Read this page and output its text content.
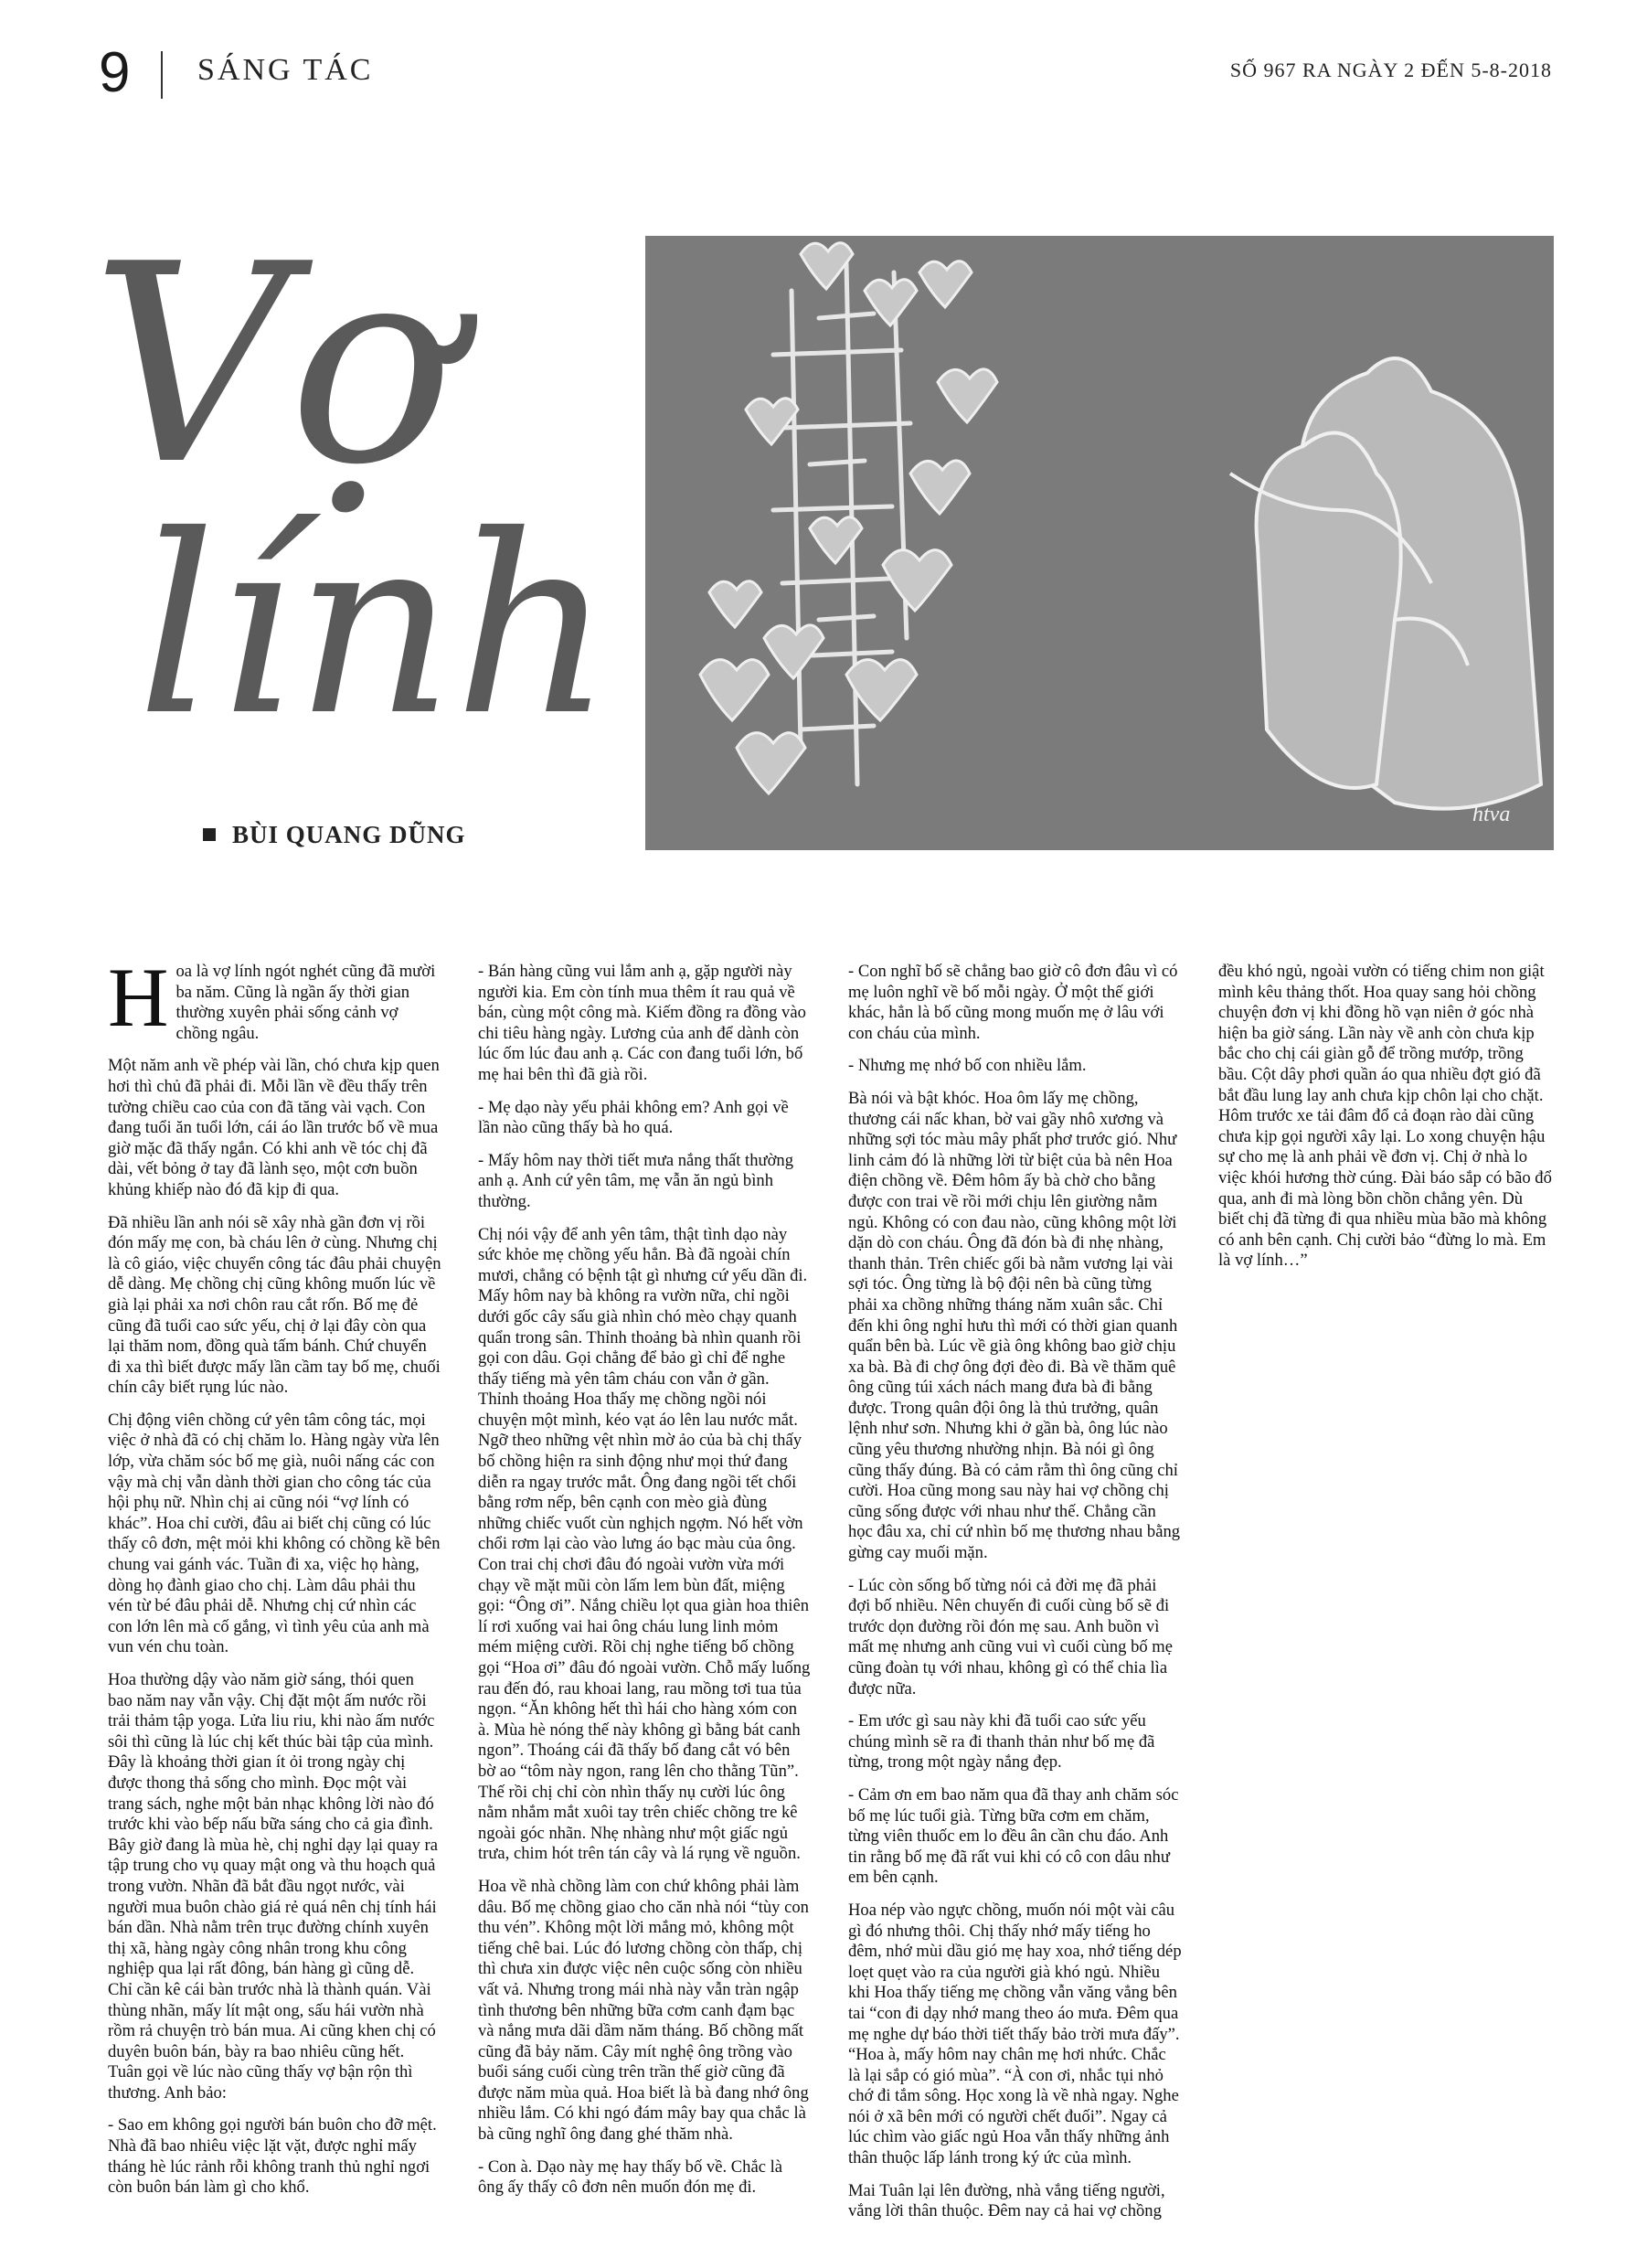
9 SÁNG TÁC	SỐ 967 RA NGÀY 2 ĐẾN 5-8-2018
Vợ
lính
BÙI QUANG DŨNG
htva

Hoa là vợ lính ngót nghét cũng đã mười ba năm. Cũng là ngần ấy thời gian thường xuyên phải sống cảnh vợ chồng ngâu.

Một năm anh về phép vài lần, chó chưa kịp quen hơi thì chủ đã phải đi. Mỗi lần về đều thấy trên tường chiều cao của con đã tăng vài vạch. Con đang tuổi ăn tuổi lớn, cái áo lần trước bố về mua giờ mặc đã thấy ngắn. Có khi anh về tóc chị đã dài, vết bỏng ở tay đã lành sẹo, một cơn buồn khủng khiếp nào đó đã kịp đi qua.

Đã nhiều lần anh nói sẽ xây nhà gần đơn vị rồi đón mấy mẹ con, bà cháu lên ở cùng. Nhưng chị là cô giáo, việc chuyển công tác đâu phải chuyện dễ dàng. Mẹ chồng chị cũng không muốn lúc về già lại phải xa nơi chôn rau cắt rốn. Bố mẹ đẻ cũng đã tuổi cao sức yếu, chị ở lại đây còn qua lại thăm nom, đồng quà tấm bánh. Chứ chuyển đi xa thì biết được mấy lần cầm tay bố mẹ, chuối chín cây biết rụng lúc nào.

Chị động viên chồng cứ yên tâm công tác, mọi việc ở nhà đã có chị chăm lo. Hàng ngày vừa lên lớp, vừa chăm sóc bố mẹ già, nuôi nấng các con vậy mà chị vẫn dành thời gian cho công tác của hội phụ nữ. Nhìn chị ai cũng nói “vợ lính có khác”. Hoa chỉ cười, đâu ai biết chị cũng có lúc thấy cô đơn, mệt mỏi khi không có chồng kề bên chung vai gánh vác. Tuần đi xa, việc họ hàng, dòng họ đành giao cho chị. Làm dâu phải thu vén từ bé đâu phải dễ. Nhưng chị cứ nhìn các con lớn lên mà cố gắng, vì tình yêu của anh mà vun vén chu toàn.

Hoa thường dậy vào năm giờ sáng, thói quen bao năm nay vẫn vậy. Chị đặt một ấm nước rồi trải thảm tập yoga. Lửa liu riu, khi nào ấm nước sôi thì cũng là lúc chị kết thúc bài tập của mình. Đây là khoảng thời gian ít ỏi trong ngày chị được thong thả sống cho mình. Đọc một vài trang sách, nghe một bản nhạc không lời nào đó trước khi vào bếp nấu bữa sáng cho cả gia đình. Bây giờ đang là mùa hè, chị nghỉ dạy lại quay ra tập trung cho vụ quay mật ong và thu hoạch quả trong vườn. Nhãn đã bắt đầu ngọt nước, vài người mua buôn chào giá rẻ quá nên chị tính hái bán dần. Nhà nằm trên trục đường chính xuyên thị xã, hàng ngày công nhân trong khu công nghiệp qua lại rất đông, bán hàng gì cũng dễ. Chỉ cần kê cái bàn trước nhà là thành quán. Vài thùng nhãn, mấy lít mật ong, sấu hái vườn nhà rồm rả chuyện trò bán mua. Ai cũng khen chị có duyên buôn bán, bày ra bao nhiêu cũng hết. Tuân gọi về lúc nào cũng thấy vợ bận rộn thì thương. Anh bảo:

- Sao em không gọi người bán buôn cho đỡ mệt. Nhà đã bao nhiêu việc lặt vặt, được nghỉ mấy tháng hè lúc rảnh rỗi không tranh thủ nghỉ ngơi còn buôn bán làm gì cho khổ.

- Bán hàng cũng vui lắm anh ạ, gặp người này người kia. Em còn tính mua thêm ít rau quả về bán, cùng một công mà. Kiếm đồng ra đồng vào chi tiêu hàng ngày. Lương của anh để dành còn lúc ốm lúc đau anh ạ. Các con đang tuổi lớn, bố mẹ hai bên thì đã già rồi.

- Mẹ dạo này yếu phải không em? Anh gọi về lần nào cũng thấy bà ho quá.

- Mấy hôm nay thời tiết mưa nắng thất thường anh ạ. Anh cứ yên tâm, mẹ vẫn ăn ngủ bình thường.

Chị nói vậy để anh yên tâm, thật tình dạo này sức khỏe mẹ chồng yếu hẳn. Bà đã ngoài chín mươi, chẳng có bệnh tật gì nhưng cứ yếu dần đi. Mấy hôm nay bà không ra vườn nữa, chỉ ngồi dưới gốc cây sấu già nhìn chó mèo chạy quanh quẩn trong sân. Thỉnh thoảng bà nhìn quanh rồi gọi con dâu. Gọi chẳng để bảo gì chỉ để nghe thấy tiếng mà yên tâm cháu con vẫn ở gần. Thỉnh thoảng Hoa thấy mẹ chồng ngồi nói chuyện một mình, kéo vạt áo lên lau nước mắt. Ngỡ theo những vệt nhìn mờ ảo của bà chị thấy bố chồng hiện ra sinh động như mọi thứ đang diễn ra ngay trước mắt. Ông đang ngồi tết chổi bằng rơm nếp, bên cạnh con mèo già đùng những chiếc vuốt cùn nghịch ngợm. Nó hết vờn chổi rơm lại cào vào lưng áo bạc màu của ông. Con trai chị chơi đâu đó ngoài vườn vừa mới chạy về mặt mũi còn lấm lem bùn đất, miệng gọi: “Ông ơi”. Nắng chiều lọt qua giàn hoa thiên lí rơi xuống vai hai ông cháu lung linh mỏm mém miệng cười. Rồi chị nghe tiếng bố chồng gọi “Hoa ơi” đâu đó ngoài vườn. Chỗ mấy luống rau đến đó, rau khoai lang, rau mồng tơi tua tủa ngọn. “Ăn không hết thì hái cho hàng xóm con à. Mùa hè nóng thế này không gì bằng bát canh ngon”. Thoáng cái đã thấy bố đang cắt vó bên bờ ao “tôm này ngon, rang lên cho thằng Tũn”. Thế rồi chị chỉ còn nhìn thấy nụ cười lúc ông nằm nhắm mắt xuôi tay trên chiếc chõng tre kê ngoài góc nhãn. Nhẹ nhàng như một giấc ngủ trưa, chim hót trên tán cây và lá rụng về nguồn.

Hoa về nhà chồng làm con chứ không phải làm dâu. Bố mẹ chồng giao cho căn nhà nói “tùy con thu vén”. Không một lời mắng mỏ, không một tiếng chê bai. Lúc đó lương chồng còn thấp, chị thì chưa xin được việc nên cuộc sống còn nhiều vất vả. Nhưng trong mái nhà này vẫn tràn ngập tình thương bên những bữa cơm canh đạm bạc và nắng mưa dãi dầm năm tháng. Bố chồng mất cũng đã bảy năm. Cây mít nghệ ông trồng vào buổi sáng cuối cùng trên trần thế giờ cũng đã được năm mùa quả. Hoa biết là bà đang nhớ ông nhiều lắm. Có khi ngó đám mây bay qua chắc là bà cũng nghĩ ông đang ghé thăm nhà.

- Con à. Dạo này mẹ hay thấy bố về. Chắc là ông ấy thấy cô đơn nên muốn đón mẹ đi.

- Con nghĩ bố sẽ chẳng bao giờ cô đơn đâu vì có mẹ luôn nghĩ về bố mỗi ngày. Ở một thế giới khác, hẳn là bố cũng mong muốn mẹ ở lâu với con cháu của mình.

- Nhưng mẹ nhớ bố con nhiều lắm.

Bà nói và bật khóc. Hoa ôm lấy mẹ chồng, thương cái nấc khan, bờ vai gầy nhô xương và những sợi tóc màu mây phất phơ trước gió. Như linh cảm đó là những lời từ biệt của bà nên Hoa điện chồng về. Đêm hôm ấy bà chờ cho bằng được con trai về rồi mới chịu lên giường nằm ngủ. Không có con đau nào, cũng không một lời dặn dò con cháu. Ông đã đón bà đi nhẹ nhàng, thanh thản. Trên chiếc gối bà nằm vương lại vài sợi tóc. Ông từng là bộ đội nên bà cũng từng phải xa chồng những tháng năm xuân sắc. Chỉ đến khi ông nghỉ hưu thì mới có thời gian quanh quẩn bên bà. Lúc về già ông không bao giờ chịu xa bà. Bà đi chợ ông đợi đèo đi. Bà về thăm quê ông cũng túi xách nách mang đưa bà đi bằng được. Trong quân đội ông là thủ trưởng, quân lệnh như sơn. Nhưng khi ở gần bà, ông lúc nào cũng yêu thương nhường nhịn. Bà nói gì ông cũng thấy đúng. Bà có cảm rằm thì ông cũng chỉ cười. Hoa cũng mong sau này hai vợ chồng chị cũng sống được với nhau như thế. Chẳng cần học đâu xa, chỉ cứ nhìn bố mẹ thương nhau bằng gừng cay muối mặn.

- Lúc còn sống bố từng nói cả đời mẹ đã phải đợi bố nhiều. Nên chuyến đi cuối cùng bố sẽ đi trước dọn đường rồi đón mẹ sau. Anh buồn vì mất mẹ nhưng anh cũng vui vì cuối cùng bố mẹ cũng đoàn tụ với nhau, không gì có thể chia lìa được nữa.

- Em ước gì sau này khi đã tuổi cao sức yếu chúng mình sẽ ra đi thanh thản như bố mẹ đã từng, trong một ngày nắng đẹp.

- Cảm ơn em bao năm qua đã thay anh chăm sóc bố mẹ lúc tuổi già. Từng bữa cơm em chăm, từng viên thuốc em lo đều ân cần chu đáo. Anh tin rằng bố mẹ đã rất vui khi có cô con dâu như em bên cạnh.

Hoa nép vào ngực chồng, muốn nói một vài câu gì đó nhưng thôi. Chị thấy nhớ mấy tiếng ho đêm, nhớ mùi dầu gió mẹ hay xoa, nhớ tiếng dép loẹt quẹt vào ra của người già khó ngủ. Nhiều khi Hoa thấy tiếng mẹ chồng vẫn văng vẳng bên tai “con đi dạy nhớ mang theo áo mưa. Đêm qua mẹ nghe dự báo thời tiết thấy bảo trời mưa đấy”. “Hoa à, mấy hôm nay chân mẹ hơi nhức. Chắc là lại sắp có gió mùa”. “À con ơi, nhắc tụi nhỏ chớ đi tắm sông. Học xong là về nhà ngay. Nghe nói ở xã bên mới có người chết đuối”. Ngay cả lúc chìm vào giấc ngủ Hoa vẫn thấy những ảnh thân thuộc lấp lánh trong ký ức của mình.

Mai Tuân lại lên đường, nhà vắng tiếng người, vắng lời thân thuộc. Đêm nay cả hai vợ chồng đều khó ngủ, ngoài vườn có tiếng chim non giật mình kêu thảng thốt. Hoa quay sang hỏi chồng chuyện đơn vị khi đồng hồ vạn niên ở góc nhà hiện ba giờ sáng. Lần này về anh còn chưa kịp bắc cho chị cái giàn gỗ để trồng mướp, trồng bầu. Cột dây phơi quần áo qua nhiều đợt gió đã bắt đầu lung lay anh chưa kịp chôn lại cho chặt. Hôm trước xe tải đâm đổ cả đoạn rào dài cũng chưa kịp gọi người xây lại. Lo xong chuyện hậu sự cho mẹ là anh phải về đơn vị. Chị ở nhà lo việc khói hương thờ cúng. Đài báo sắp có bão đổ qua, anh đi mà lòng bồn chồn chẳng yên. Dù biết chị đã từng đi qua nhiều mùa bão mà không có anh bên cạnh. Chị cười bảo “đừng lo mà. Em là vợ lính…”
